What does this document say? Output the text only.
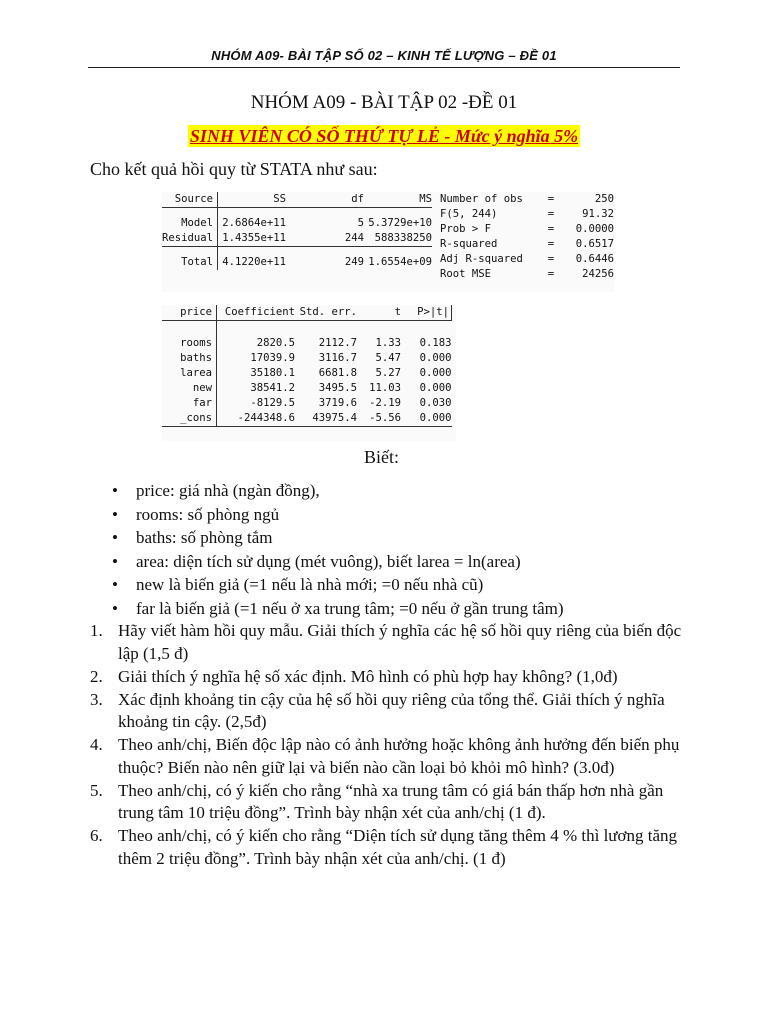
NHÓM A09- BÀI TẬP SỐ 02 – KINH TẾ LƯỢNG – ĐỀ 01
NHÓM A09 - BÀI TẬP 02 -ĐỀ 01
SINH VIÊN CÓ SỐ THỨ TỰ LẺ - Mức ý nghĩa 5%
Cho kết quả hồi quy từ STATA như sau:
Source	SS	df	MS

Model	2.6864e+11	5	5.3729e+10
Residual	1.4355e+11	244	588338250

Total	4.1220e+11	249	1.6554e+09
Number of obs	=	250
F(5, 244)	=	91.32
Prob > F	=	0.0000
R-squared	=	0.6517
Adj R-squared	=	0.6446
Root MSE	=	24256
price	Coefficient	Std. err.	t	P>|t|

rooms	2820.5	2112.7	1.33	0.183
baths	17039.9	3116.7	5.47	0.000
larea	35180.1	6681.8	5.27	0.000
new	38541.2	3495.5	11.03	0.000
far	-8129.5	3719.6	-2.19	0.030
_cons	-244348.6	43975.4	-5.56	0.000
Biết:
• price: giá nhà (ngàn đồng),
• rooms: số phòng ngủ
• baths: số phòng tắm
• area: diện tích sử dụng (mét vuông), biết larea = ln(area)
• new là biến giả (=1 nếu là nhà mới; =0 nếu nhà cũ)
• far là biến giả (=1 nếu ở xa trung tâm; =0 nếu ở gần trung tâm)
1. Hãy viết hàm hồi quy mẫu. Giải thích ý nghĩa các hệ số hồi quy riêng của biến độc lập (1,5 đ)
2. Giải thích ý nghĩa hệ số xác định. Mô hình có phù hợp hay không? (1,0đ)
3. Xác định khoảng tin cậy của hệ số hồi quy riêng của tổng thể. Giải thích ý nghĩa khoảng tin cậy. (2,5đ)
4. Theo anh/chị, Biến độc lập nào có ảnh hưởng hoặc không ảnh hưởng đến biến phụ thuộc? Biến nào nên giữ lại và biến nào cần loại bỏ khỏi mô hình? (3.0đ)
5. Theo anh/chị, có ý kiến cho rằng “nhà xa trung tâm có giá bán thấp hơn nhà gần trung tâm 10 triệu đồng”. Trình bày nhận xét của anh/chị (1 đ).
6. Theo anh/chị, có ý kiến cho rằng “Diện tích sử dụng tăng thêm 4 % thì lương tăng thêm 2 triệu đồng”. Trình bày nhận xét của anh/chị. (1 đ)
